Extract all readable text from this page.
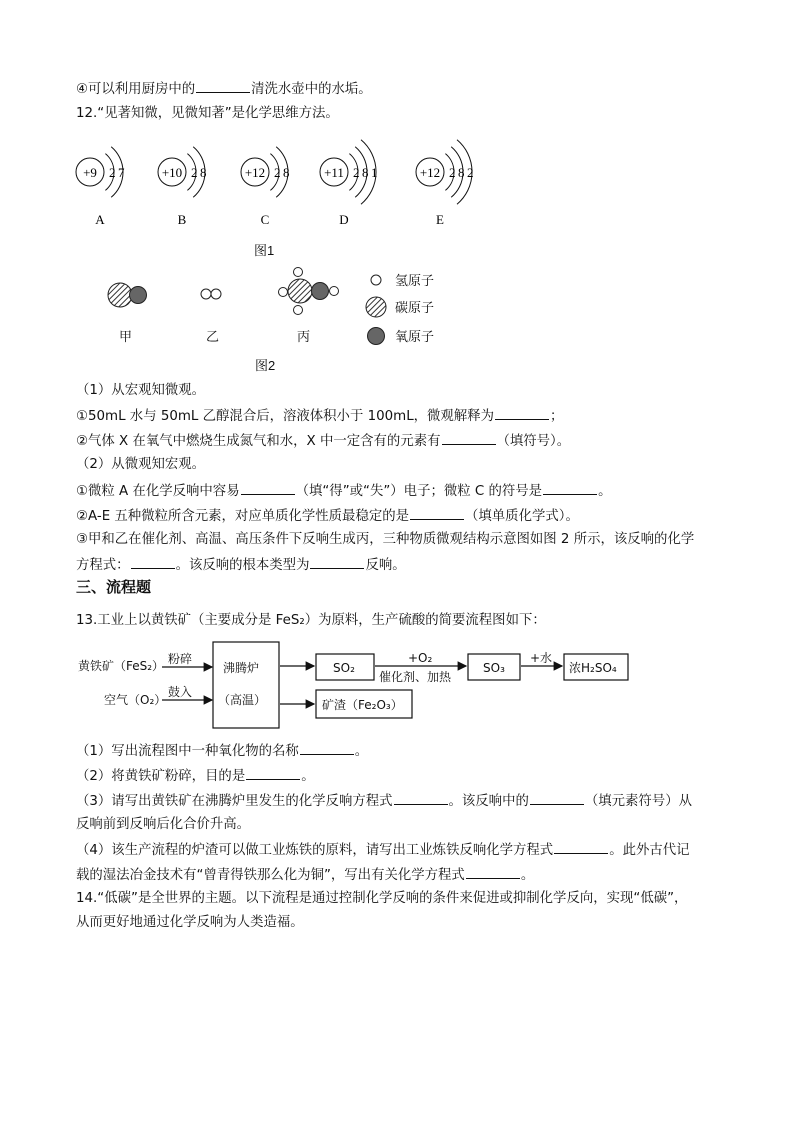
④可以利用厨房中的	清洗水壶中的水垢。
12.“见著知微，见微知著”是化学思维方法。
+9 2 7
A
+10 2 8
B
+12 2 8
C
+11 2 8 1
D
+12 2 8 2
E
图1
甲	乙	丙
氢原子
碳原子
氧原子
图2
（1）从宏观知微观。
①50mL 水与 50mL 乙醇混合后，溶液体积小于 100mL，微观解释为	；
②气体 X 在氧气中燃烧生成氮气和水，X 中一定含有的元素有	（填符号）。
（2）从微观知宏观。
①微粒 A 在化学反响中容易	（填“得”或“失”）电子；微粒 C 的符号是	。
②A-E 五种微粒所含元素，对应单质化学性质最稳定的是	（填单质化学式）。
③甲和乙在催化剂、高温、高压条件下反响生成丙，三种物质微观结构示意图如图 2 所示，该反响的化学
方程式：	。该反响的根本类型为	反响。
三、流程题
13.工业上以黄铁矿（主要成分是 FeS₂）为原料，生产硫酸的简要流程图如下：
黄铁矿（FeS₂） 粉碎
空气（O₂）
鼓入
沸腾炉
（高温）
SO₂
+O₂
催化剂、加热
SO₃
+水
浓H₂SO₄
矿渣（Fe₂O₃）
（1）写出流程图中一种氧化物的名称	。
（2）将黄铁矿粉碎，目的是	。
（3）请写出黄铁矿在沸腾炉里发生的化学反响方程式	。该反响中的	（填元素符号）从
反响前到反响后化合价升高。
（4）该生产流程的炉渣可以做工业炼铁的原料，请写出工业炼铁反响化学方程式	。此外古代记
载的湿法冶金技术有“曾青得铁那么化为铜”，写出有关化学方程式	。
14.“低碳”是全世界的主题。以下流程是通过控制化学反响的条件来促进或抑制化学反向，实现“低碳”，
从而更好地通过化学反响为人类造福。
